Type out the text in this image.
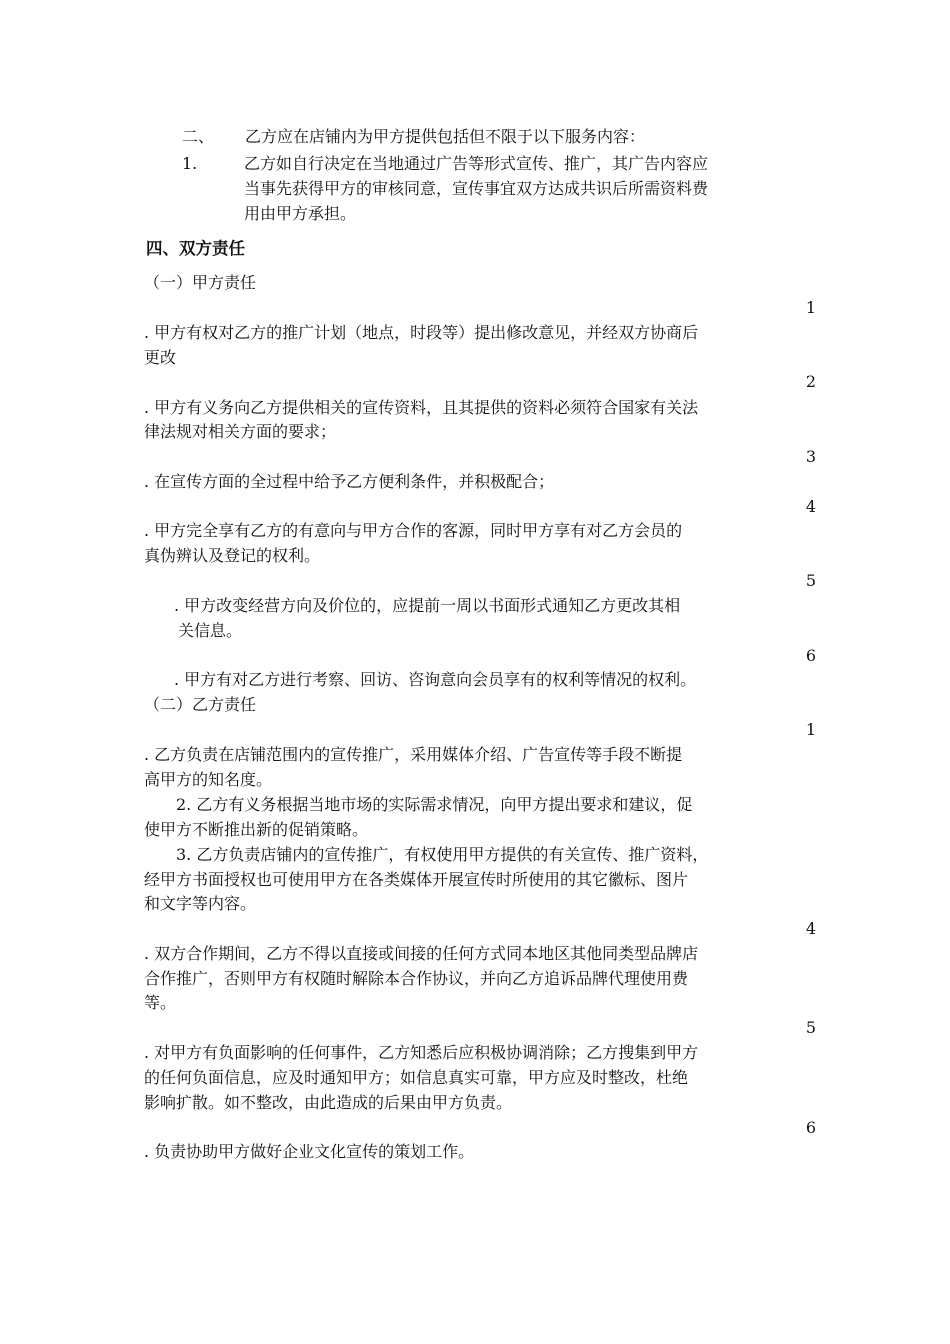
二、 乙方应在店铺内为甲方提供包括但不限于以下服务内容：
1.	乙方如自行决定在当地通过广告等形式宣传、推广，其广告内容应
当事先获得甲方的审核同意，宣传事宜双方达成共识后所需资料费
用由甲方承担。
四、双方责任
（一）甲方责任
1
. 甲方有权对乙方的推广计划（地点，时段等）提出修改意见，并经双方协商后
更改
2
. 甲方有义务向乙方提供相关的宣传资料，且其提供的资料必须符合国家有关法
律法规对相关方面的要求；
3
. 在宣传方面的全过程中给予乙方便利条件，并积极配合；
4
. 甲方完全享有乙方的有意向与甲方合作的客源，同时甲方享有对乙方会员的
真伪辨认及登记的权利。
5
. 甲方改变经营方向及价位的，应提前一周以书面形式通知乙方更改其相
关信息。
6
. 甲方有对乙方进行考察、回访、咨询意向会员享有的权利等情况的权利。
（二）乙方责任
1
. 乙方负责在店铺范围内的宣传推广，采用媒体介绍、广告宣传等手段不断提
高甲方的知名度。
2. 乙方有义务根据当地市场的实际需求情况，向甲方提出要求和建议，促
使甲方不断推出新的促销策略。
3. 乙方负责店铺内的宣传推广，有权使用甲方提供的有关宣传、推广资料，
经甲方书面授权也可使用甲方在各类媒体开展宣传时所使用的其它徽标、图片
和文字等内容。
4
. 双方合作期间，乙方不得以直接或间接的任何方式同本地区其他同类型品牌店
合作推广，否则甲方有权随时解除本合作协议，并向乙方追诉品牌代理使用费
等。
5
. 对甲方有负面影响的任何事件，乙方知悉后应积极协调消除；乙方搜集到甲方
的任何负面信息，应及时通知甲方；如信息真实可靠，甲方应及时整改，杜绝
影响扩散。如不整改，由此造成的后果由甲方负责。
6
. 负责协助甲方做好企业文化宣传的策划工作。
